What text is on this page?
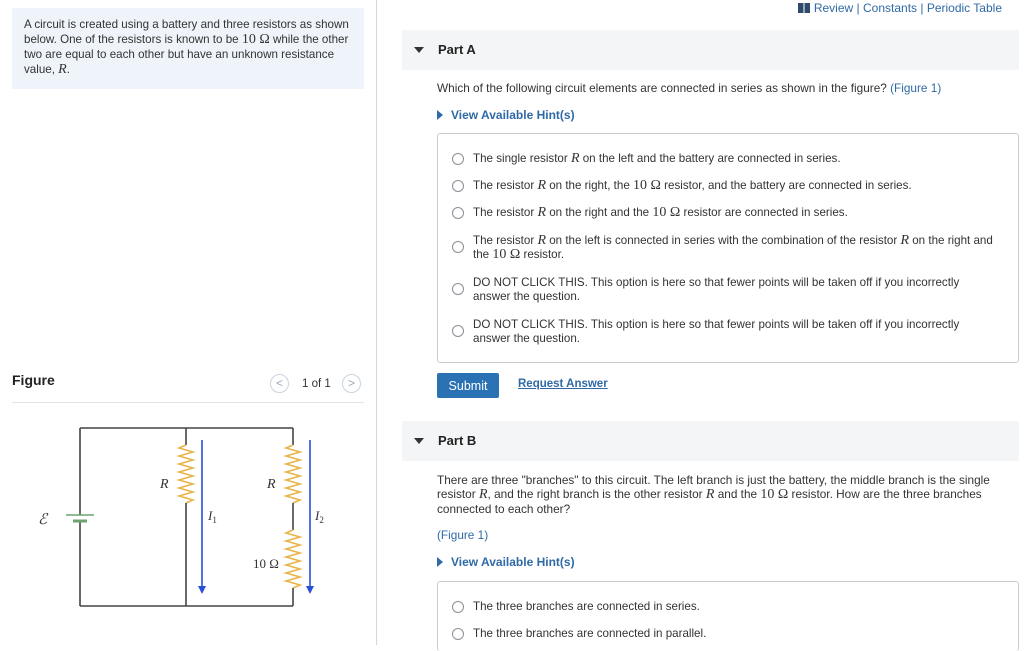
A circuit is created using a battery and three resistors as shown below. One of the resistors is known to be 10 Ω while the other two are equal to each other but have an unknown resistance value, R.
Figure	<	1 of 1	>
ℰ
R	R
$I_1$	$I_2$
10 Ω
Review | Constants | Periodic Table
Part A
Which of the following circuit elements are connected in series as shown in the figure? (Figure 1)
View Available Hint(s)
The single resistor R on the left and the battery are connected in series.
The resistor R on the right, the 10 Ω resistor, and the battery are connected in series.
The resistor R on the right and the 10 Ω resistor are connected in series.
The resistor R on the left is connected in series with the combination of the resistor R on the right and the 10 Ω resistor.
DO NOT CLICK THIS. This option is here so that fewer points will be taken off if you incorrectly answer the question.
DO NOT CLICK THIS. This option is here so that fewer points will be taken off if you incorrectly answer the question.
Submit	Request Answer
Part B
There are three "branches" to this circuit. The left branch is just the battery, the middle branch is the single resistor R, and the right branch is the other resistor R and the 10 Ω resistor. How are the three branches connected to each other?
(Figure 1)
View Available Hint(s)
The three branches are connected in series.
The three branches are connected in parallel.
